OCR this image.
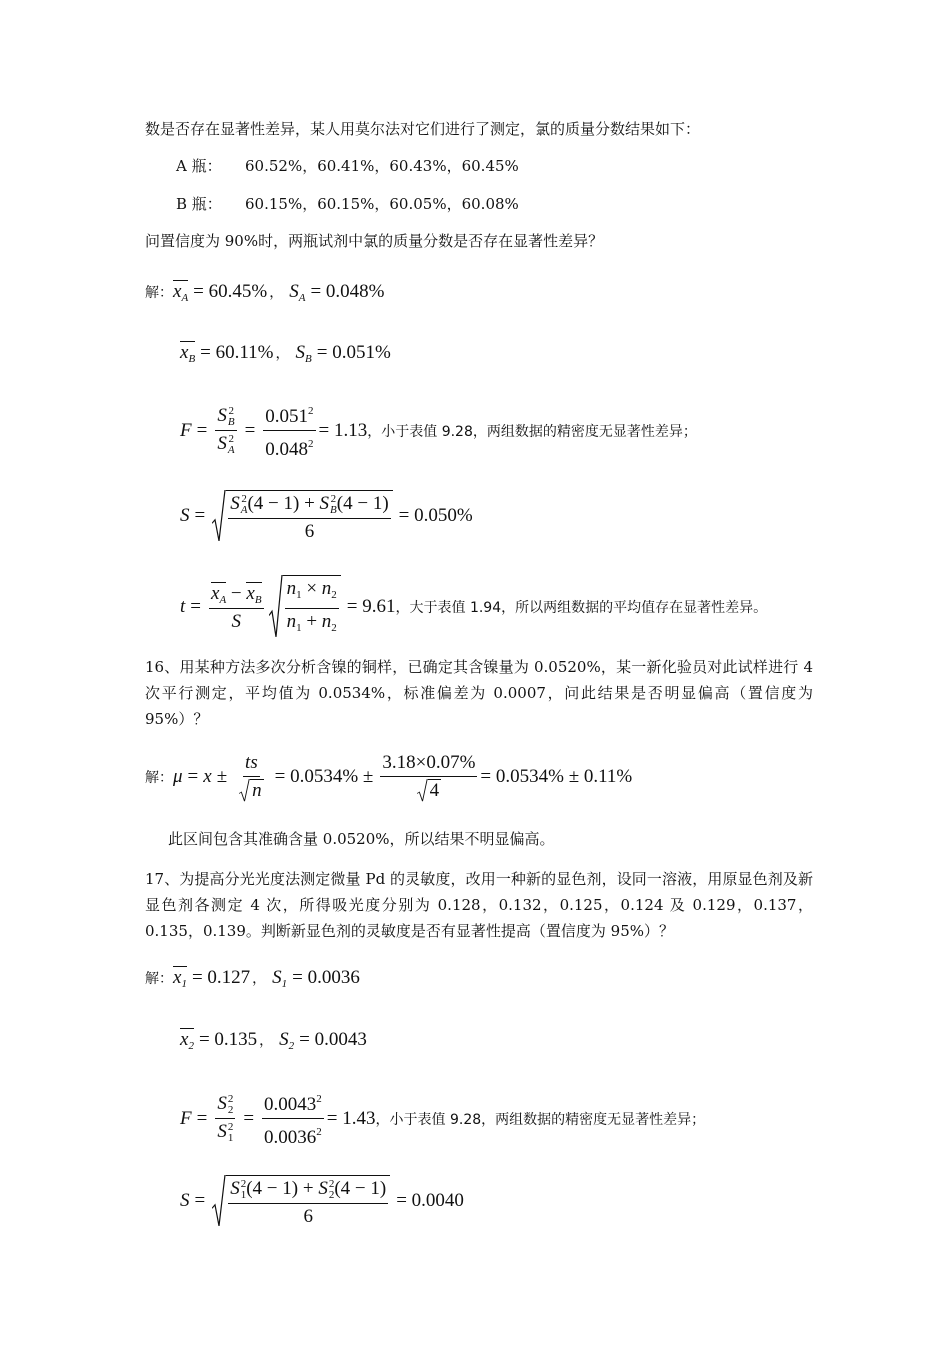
数是否存在显著性差异，某人用莫尔法对它们进行了测定，氯的质量分数结果如下：
A 瓶： 60.52%，60.41%，60.43%，60.45%
B 瓶： 60.15%，60.15%，60.05%，60.08%
问置信度为 90%时，两瓶试剂中氯的质量分数是否存在显著性差异？
解： $x_A = 60.45\%$ ， $S_A = 0.048\%$
$x_B = 60.11\%$ ， $S_B = 0.051\%$
F = S 2
B
S 2
$A = \frac{0.051^2}{0.048^2} = 1.13$ ，小于表值 9.28，两组数据的精密度无显著性差异；
S = S 2
A (4 − 1) + S 2
B (4 − 1)
6 = 0.050%
$t = \frac{x_A - x_B}{S} \frac{n_1 \times n_2}{n_1 + n_2} = 9.61$ ，大于表值 1.94，所以两组数据的平均值存在显著性差异。
16、用某种方法多次分析含镍的铜样，已确定其含镍量为 0.0520%，某一新化验员对此试样进行 4 次平行测定，平均值为 0.0534%，标准偏差为 0.0007，问此结果是否明显偏高（置信度为 95%）？
解： $\mu = x \pm \frac{ts}{n} = 0.0534\% \pm \frac{3.18\times 0.07\%}{4} = 0.0534\% \pm 0.11\%$
此区间包含其准确含量 0.0520%，所以结果不明显偏高。
17、为提高分光光度法测定微量 Pd 的灵敏度，改用一种新的显色剂，设同一溶液，用原显色剂及新显色剂各测定 4 次，所得吸光度分别为 0.128，0.132，0.125，0.124 及 0.129，0.137，0.135，0.139。判断新显色剂的灵敏度是否有显著性提高（置信度为 95%）？
解： $x_1 = 0.127$ ， $S_1 = 0.0036$
$x_2 = 0.135$ ， $S_2 = 0.0043$
F = S 2
2
S 2
$1 = \frac{0.0043^2}{0.0036^2} = 1.43$ ，小于表值 9.28，两组数据的精密度无显著性差异；
S = S 2
1 (4 − 1) + S 2
2 (4 − 1)
6 = 0.0040
